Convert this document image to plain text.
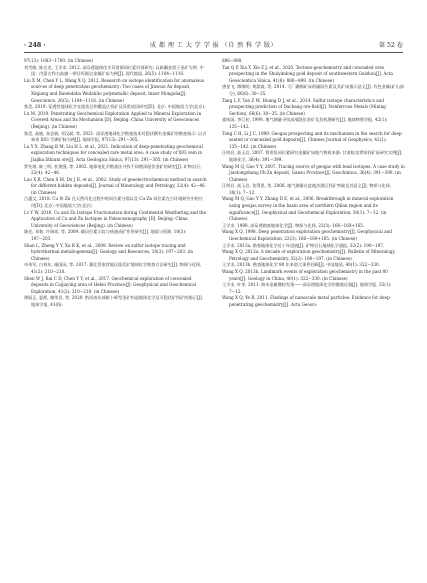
· 248 ·	成 都 理 工 大 学 学 报 （自 然 科 学 版）	第 52 卷

97(13): 1683−1700. (in Chinese)

刘雪敏, 陈岳龙, 王学求, 2012. 深穿透地球化学异常源同位素识别研究: 以新疆金窝子金矿为例. 中国：内蒙古科右前旗一带径坞斑岩金属矿床为例[J]. 现代地质, 26(5): 1104−1116.

Liu X M, Chen Y L, Wang X Q, 2012. Research on isotope identification for anomalous sources of deep penetration geochemistry: Two cases of Jinwozi Au deposit, Xinjiang and Baiendaba Weilahito polymetallic deposit, Inner Mongolia[J]. Geoscience, 26(5): 1104−1116. (in Chinese)

鲁美, 2019. 穿透性地球化学在隐伏区和覆盖区找矿及异常成因研究[D]. 北京: 中国地质大学(北京).

Lu M, 2019. Penetrating Geochemical Exploration Applied to Mineral Exploration in Covered Areas and Its Mechanism [D]. Beijing: China University of Geosciences (Beijing). (in Chinese)

鲁美, 高晓, 张必敏, 邓汉斌, 等, 2021. 深穿透地球化学勘查技术对隐伏稀有金属矿的勘查指示: 以吉林省 X03 号钾矿脉为例[J]. 地球学报, 97(13): 291−305.

Lu Y X, Zhang B M, Liu H L, et al., 2021. Indication of deep-penetrating geochemical exploration techniques for concealed rare metal ores: A case study of X03 vein in Jiajika lithium ore[J]. Acta Geologica Sinica, 97(13): 291−305. (in Chinese)

罗先熔, 陈三明, 杜建强, 等, 2002. 地球电化学勘查法寻找不同埋深隐伏金矿的研究[J]. 矿物岩石, 22(4): 42−46.

Luo X R, Chen S M, Du J B, et al., 2002. Study of geoelectrochemical method in search for different hidden deposits[J]. Journal of Mineralogy and Petrology, 22(4): 42−46. (in Chinese)

吕惠文, 2018. Cu 和 Zn 在天然风化过程中的同位素分馏以及 Cu-Zn 同位素在古环境研究中的应用[D]. 北京: 中国地质大学(北京).

Lv Y W, 2018. Cu and Zn Isotope Fractionation during Continental Weathering and the Application of Cu and Zn Isotopes in Paleoceanography [D]. Beijing: China University of Geosciences (Beijing). (in Chinese)

姚光, 邓春, 许瑞祥, 等, 2009. 截局位素示踪与热液成矿作用研究[J]. 地质与资源, 18(3): 197−203.

Shan L, Zheng Y Y, Xu R K, et al., 2009. Review on sulfur isotope tracing and hydrothermal metallogenesis[J]. Geology and Resources, 18(3): 197−203. (in Chinese)

申伟军, 白春东, 施国因, 等, 2017. 冀北蔡家营地区隐伏矿地球化学勘查方法研究[J]. 物探与化探, 41(2): 210−218.

Shen W J, Bai C D, Chen Y Y, et al., 2017. Geochemical exploration of concealed deposits in Caijiaying area of Hebei Province[J]. Geophysical and Geochemical Exploration, 41(2): 210−218. (in Chinese)

谭丽正, 夏熙, 谢荣君, 等, 2020. 黔西南东部新卜辉型金矿构造地球化学及可隐伏矿找矿的指示[J]. 地球学报, 41(6):

886−898.

Tan Q P, Xia Y, Xie Z J, et al., 2020. Tectono-geochemistry and concealed ores prospecting in the Shuiyindong gold deposit of southwestern Guizhou[J]. Acta Geoscientica Sinica, 41(6): 886−898. (in Chinese)

唐金飞, 谭绵明, 黄箭森, 等, 2014. 大厂硼锡矿床的硫同位素及其矿床指示意义[J]. 有色金属(矿山部分), 66(6): 30−35.

Tang L F, Tan Z M, Huang D J, et al., 2014. Sulfur isotope characteristics and prospecting prediction of Dachang ore-field[J]. Nonferrous Metals (Mining Section), 66(6): 30−35. (in Chinese)

童纯菡, 李巨初, 1999. 地气测量寻找深部隐伏金矿及其机理研究[J]. 地球物理学报, 42(1): 135−142.

Tong C H, Li J C, 1999. Geogas prospecting and its mechanism in the search for deep-seated or concealed gold deposits[J]. Chinese Journal of Geophysics, 42(1): 135−142. (in Chinese)

汪明启, 高玉岩, 2007. 利用铅同位素研究金属矿床地气物质来源: 甘肃蛟龙掌铅锌矿床研究实例[J]. 地球化学, 36(4): 391−399.

Wang M Q, Gao Y Y, 2007. Tracing source of geogas with lead isotopes. A case study in Jiaolongzhang Pb-Zn deposit, Gansu Province[J]. Geochimica, 36(4): 391−399. (in Chinese)

汪明启, 高玉岩, 张得恩, 等, 2006. 地气测量在盆地沙漠区找矿突破及其意义[J]. 物探与化探, 30(1): 7−12.

Wang M Q, Gao Y Y, Zhang D E, et al., 2006. Breakthrough in mineral exploration using geogas survey in the basin area of northern Qilian region and its significance[J]. Geophysical and Geochemical Exploration, 30(1): 7−12. (in Chinese)

王学求, 1998. 深穿透勘查地球化学[J]. 物探与化探, 22(3): 166−169+165.

Wang X Q, 1998. Deep penetration exploration geochemistry[J]. Geophysical and Geochemical Exploration, 22(3): 166−169+165. (in Chinese)

王学求, 2013a. 勘查地球化学近十年进展[J]. 矿物岩石地球化学通报, 32(2): 190−197.

Wang X Q, 2013a. A decade of exploration geochemistry[J]. Bulletin of Mineralogy, Petrology and Geochemistry, 32(2): 190−197. (in Chinese)

王学求, 2013b. 勘查地球化学 80 年来重大事件回顾[J]. 中国地质, 40(1): 322−330.

Wang X Q, 2013b. Landmark events of exploration geochemistry in the past 80 years[J]. Geology in China, 40(1): 322−330. (in Chinese)

王学求, 叶荣, 2011. 纳米金属微粒发现——深穿透地球化学的微观证据[J]. 地球学报, 32(1): 7−12.

Wang X Q, Ye R, 2011. Findings of nanoscale metal particles: Evidence for deep-penetrating geochemistry[J]. Acta Geosci-
